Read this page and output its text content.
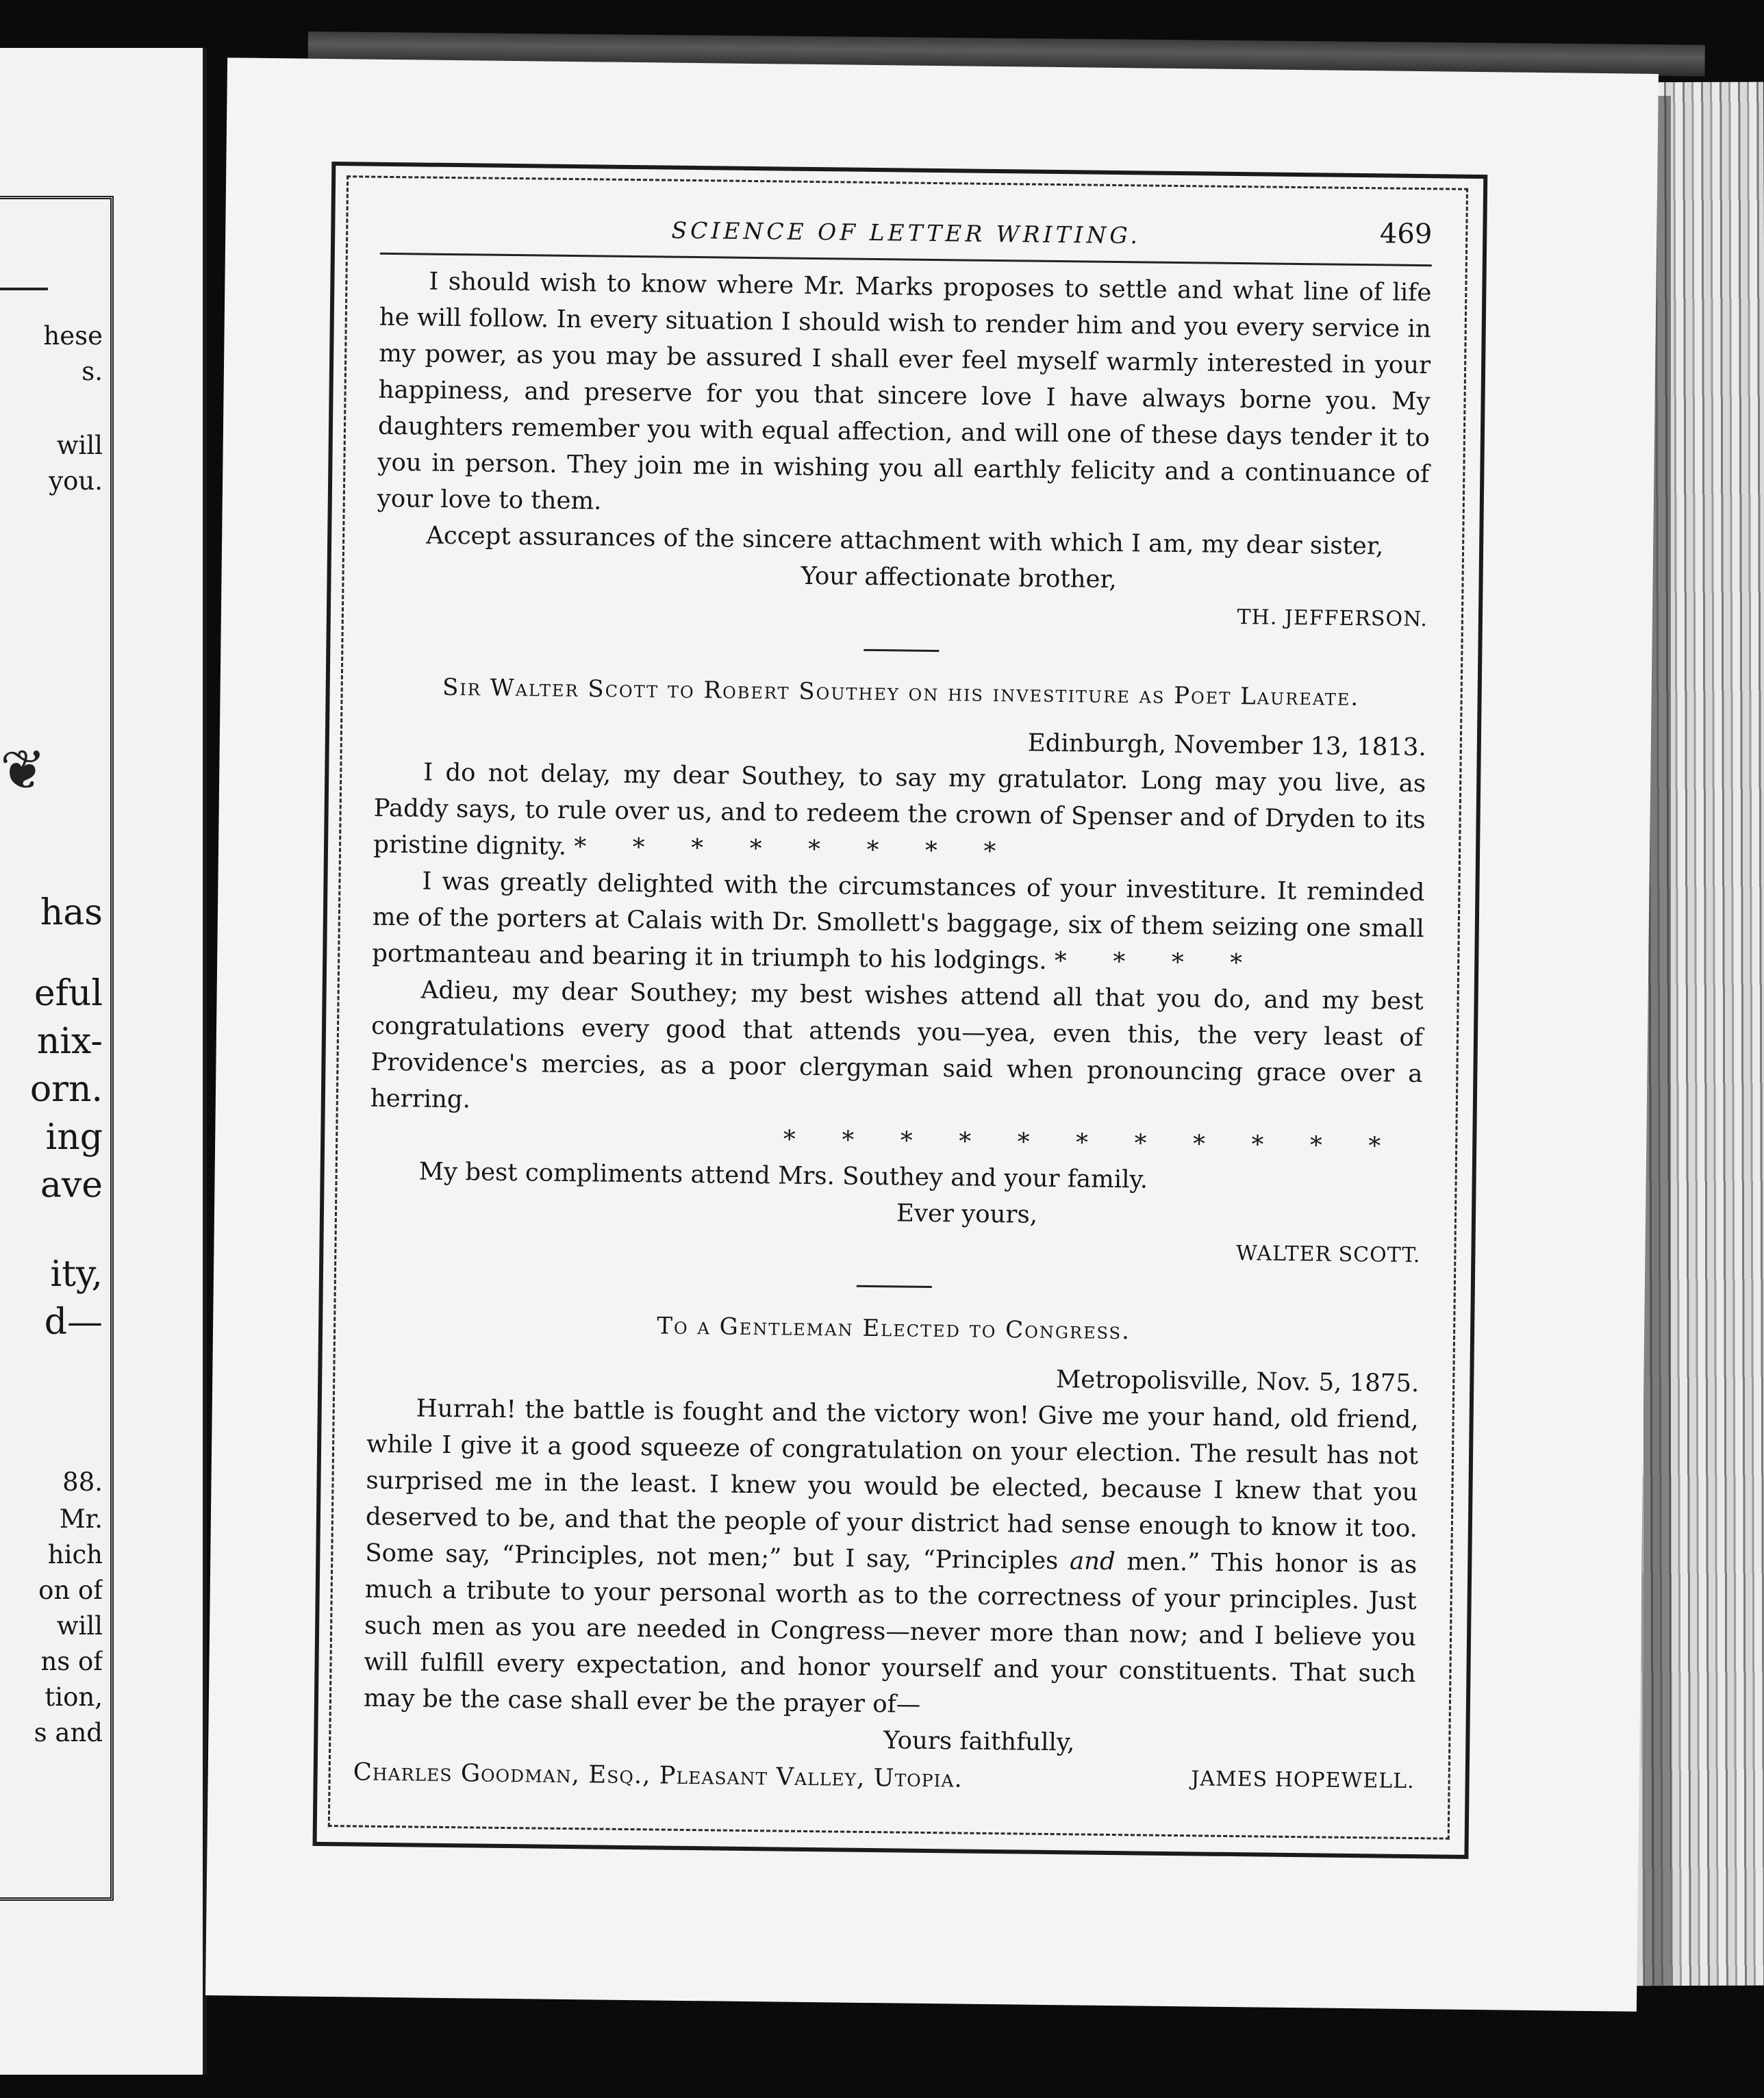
❦
hese
s.
will
you.
has
eful
nix-
orn.
ing
ave
ity,
d—
88.
Mr.
hich
on of
will
ns of
tion,
s and
SCIENCE OF LETTER WRITING.	469

I should wish to know where Mr. Marks proposes to settle and what line of life he will follow. In every situation I should wish to render him and you every service in my power, as you may be assured I shall ever feel myself warmly interested in your happiness, and preserve for you that sincere love I have always borne you. My daughters remember you with equal affection, and will one of these days tender it to you in person. They join me in wishing you all earthly felicity and a continuance of your love to them.

Accept assurances of the sincere attachment with which I am, my dear sister,

Your affectionate brother,

TH. JEFFERSON.

Sir Walter Scott to Robert Southey on his investiture as Poet Laureate.

Edinburgh, November 13, 1813.

I do not delay, my dear Southey, to say my gratulator. Long may you live, as Paddy says, to rule over us, and to redeem the crown of Spenser and of Dryden to its pristine dignity. *      *      *      *      *      *      *      *

I was greatly delighted with the circumstances of your investiture. It reminded me of the porters at Calais with Dr. Smollett's baggage, six of them seizing one small portmanteau and bearing it in triumph to his lodgings. *      *      *      *

Adieu, my dear Southey; my best wishes attend all that you do, and my best congratulations every good that attends you—yea, even this, the very least of Providence's mercies, as a poor clergyman said when pronouncing grace over a herring.

*      *      *      *      *      *      *      *      *      *      *

My best compliments attend Mrs. Southey and your family.

Ever yours,

WALTER SCOTT.

To a Gentleman Elected to Congress.

Metropolisville, Nov. 5, 1875.

Hurrah! the battle is fought and the victory won! Give me your hand, old friend, while I give it a good squeeze of congratulation on your election. The result has not surprised me in the least. I knew you would be elected, because I knew that you deserved to be, and that the people of your district had sense enough to know it too. Some say, “Principles, not men;” but I say, “Principles and men.” This honor is as much a tribute to your personal worth as to the correctness of your principles. Just such men as you are needed in Congress—never more than now; and I believe you will fulfill every expectation, and honor yourself and your constituents. That such may be the case shall ever be the prayer of—

Yours faithfully,

Charles Goodman, Esq., Pleasant Valley, Utopia.	JAMES HOPEWELL.
